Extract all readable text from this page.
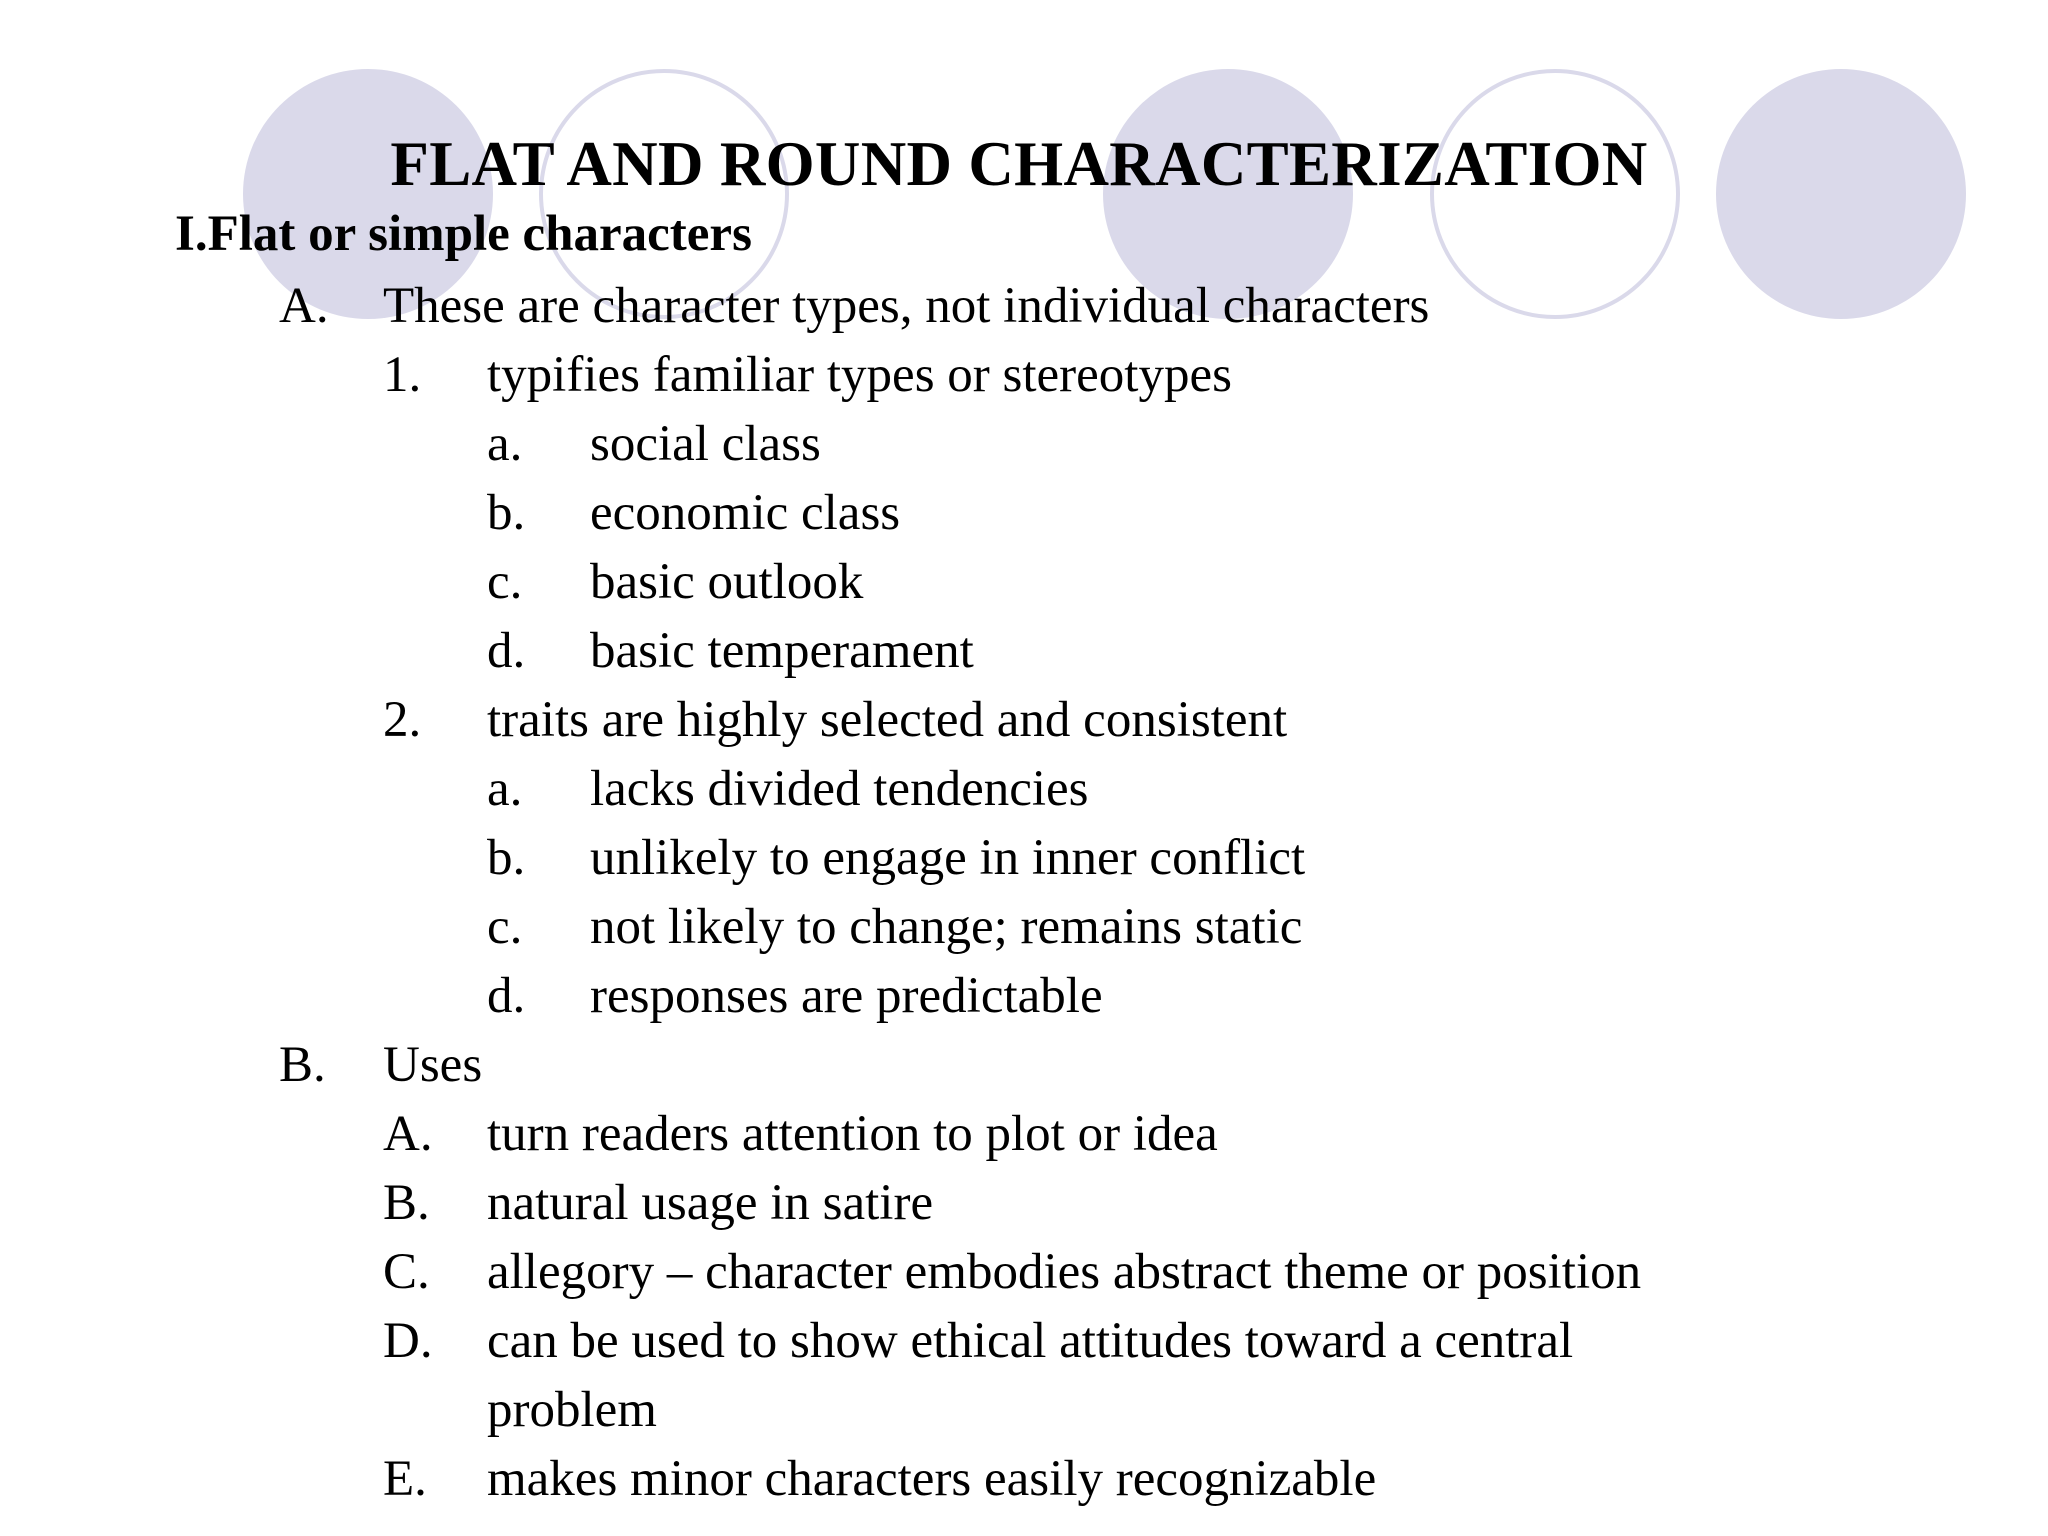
FLAT AND ROUND CHARACTERIZATION
I.Flat or simple characters
A. These are character types, not individual characters
1. typifies familiar types or stereotypes
a. social class
b. economic class
c. basic outlook
d. basic temperament
2. traits are highly selected and consistent
a. lacks divided tendencies
b. unlikely to engage in inner conflict
c. not likely to change; remains static
d. responses are predictable
B. Uses
A. turn readers attention to plot or idea
B. natural usage in satire
C. allegory – character embodies abstract theme or position
D. can be used to show ethical attitudes toward a central
problem
E. makes minor characters easily recognizable
